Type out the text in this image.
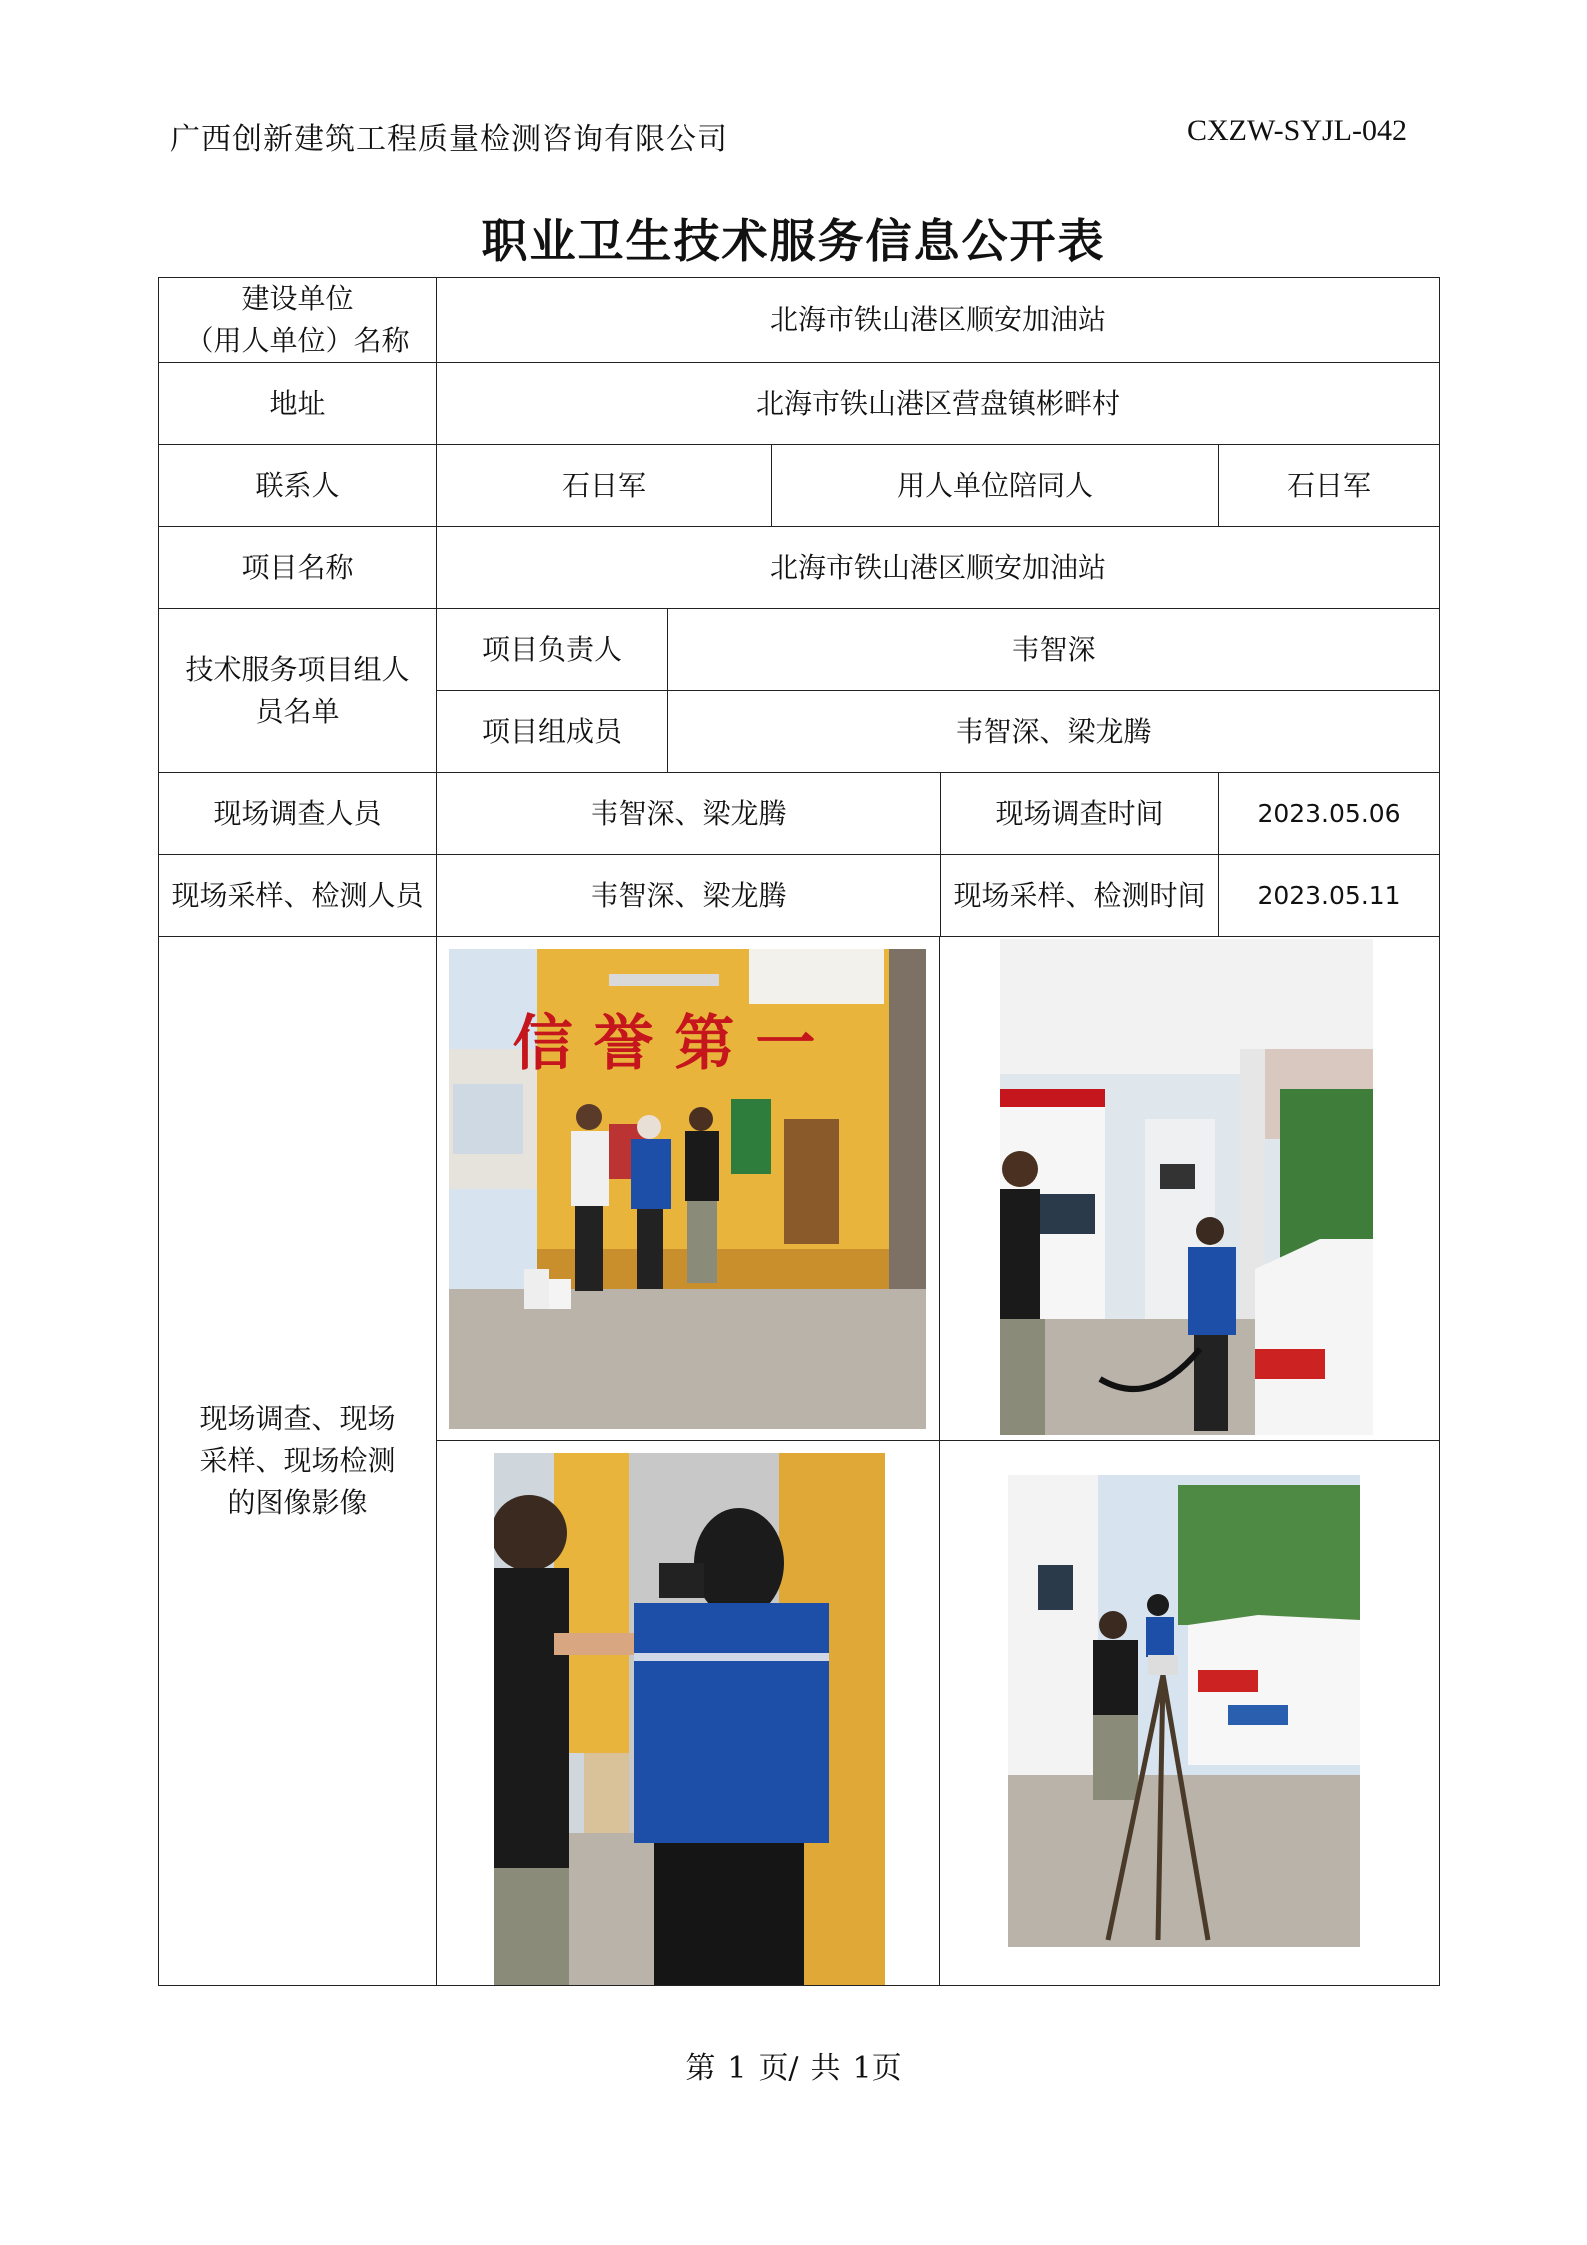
广西创新建筑工程质量检测咨询有限公司	CXZW-SYJL-042
职业卫生技术服务信息公开表
建设单位
（用人单位）名称	北海市铁山港区顺安加油站				
地址	北海市铁山港区营盘镇彬畔村				
联系人	石日军		用人单位陪同人		石日军
项目名称	北海市铁山港区顺安加油站				
技术服务项目组人员名单	项目负责人	韦智深			
	项目组成员	韦智深、梁龙腾			
现场调查人员	韦智深、梁龙腾			现场调查时间	2023.05.06
现场采样、检测人员	韦智深、梁龙腾			现场采样、检测时间	2023.05.11
现场调查、现场采样、现场检测的图像影像	信 誉 第 一				
第 1 页/ 共 1页
